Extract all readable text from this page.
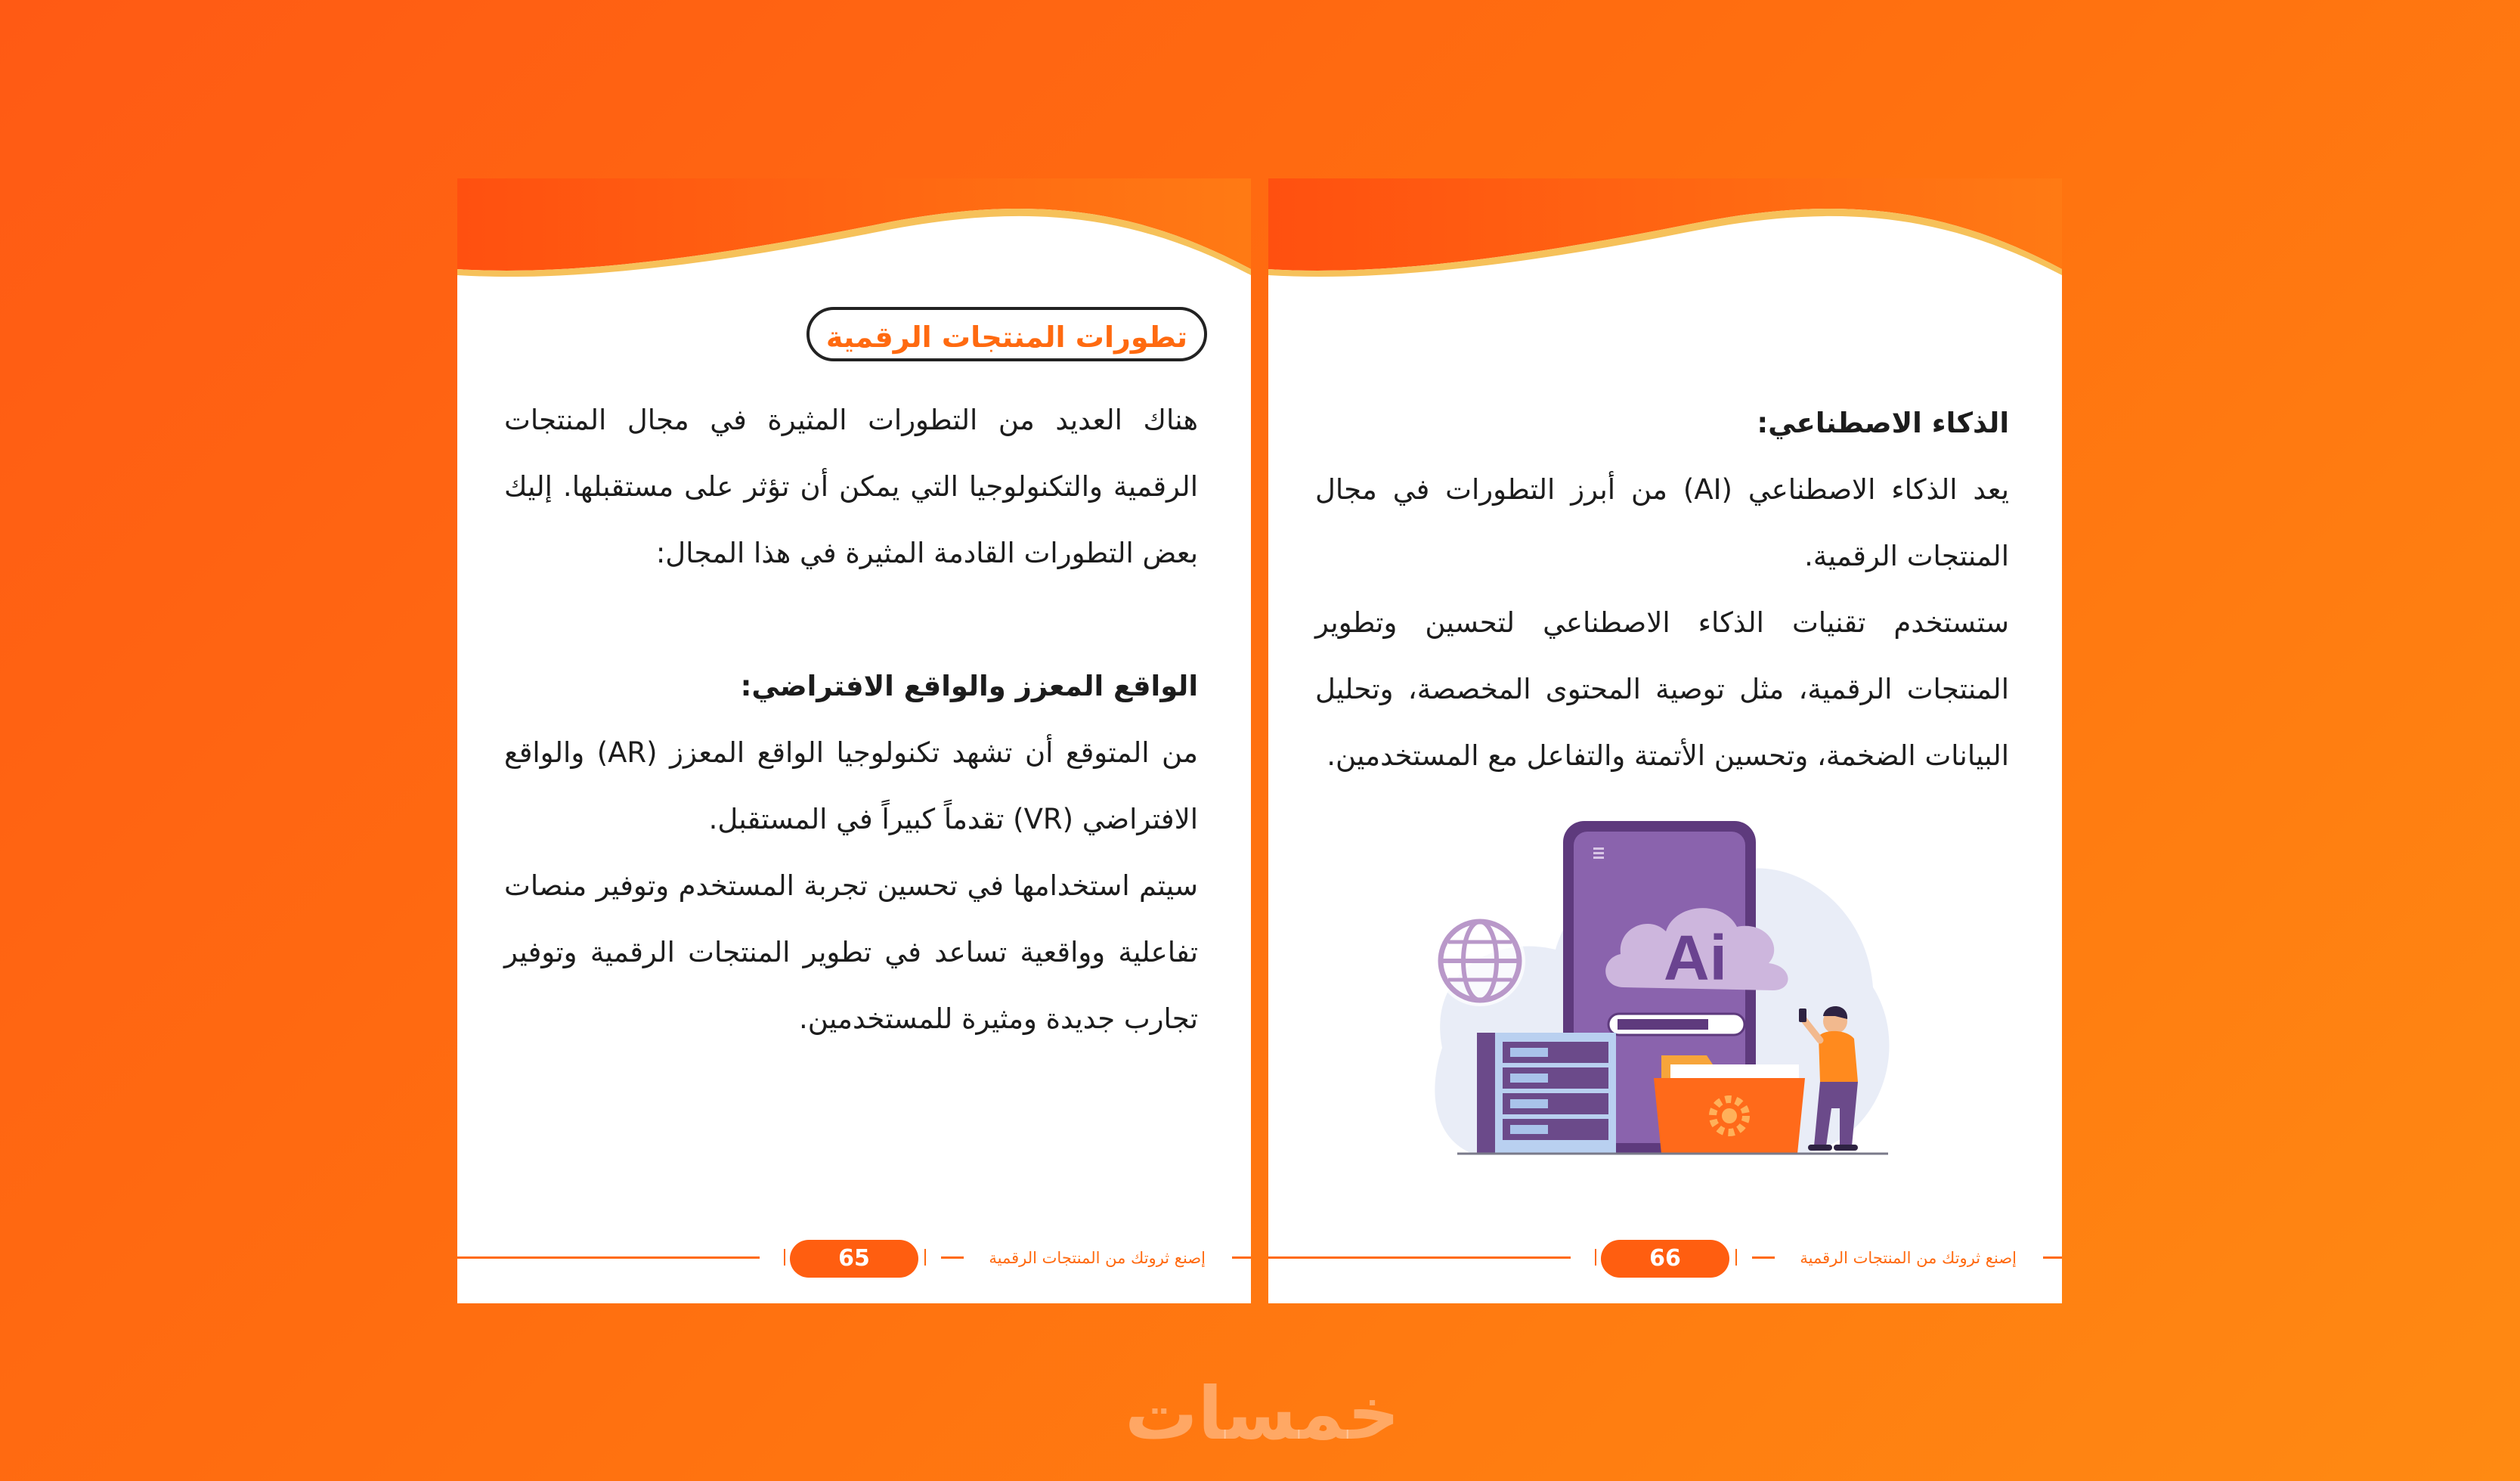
تطورات المنتجات الرقمية

هناك العديد من التطورات المثيرة في مجال المنتجات الرقمية والتكنولوجيا التي يمكن أن تؤثر على مستقبلها. إليك بعض التطورات القادمة المثيرة في هذا المجال:

الواقع المعزز والواقع الافتراضي:

من المتوقع أن تشهد تكنولوجيا الواقع المعزز (AR) والواقع الافتراضي (VR) تقدماً كبيراً في المستقبل.

سيتم استخدامها في تحسين تجربة المستخدم وتوفير منصات تفاعلية وواقعية تساعد في تطوير المنتجات الرقمية وتوفير تجارب جديدة ومثيرة للمستخدمين.

65	إصنع ثروتك من المنتجات الرقمية

الذكاء الاصطناعي:

يعد الذكاء الاصطناعي (AI) من أبرز التطورات في مجال المنتجات الرقمية.

ستستخدم تقنيات الذكاء الاصطناعي لتحسين وتطوير المنتجات الرقمية، مثل توصية المحتوى المخصصة، وتحليل البيانات الضخمة، وتحسين الأتمتة والتفاعل مع المستخدمين.

Ai
66	إصنع ثروتك من المنتجات الرقمية
خمسات
